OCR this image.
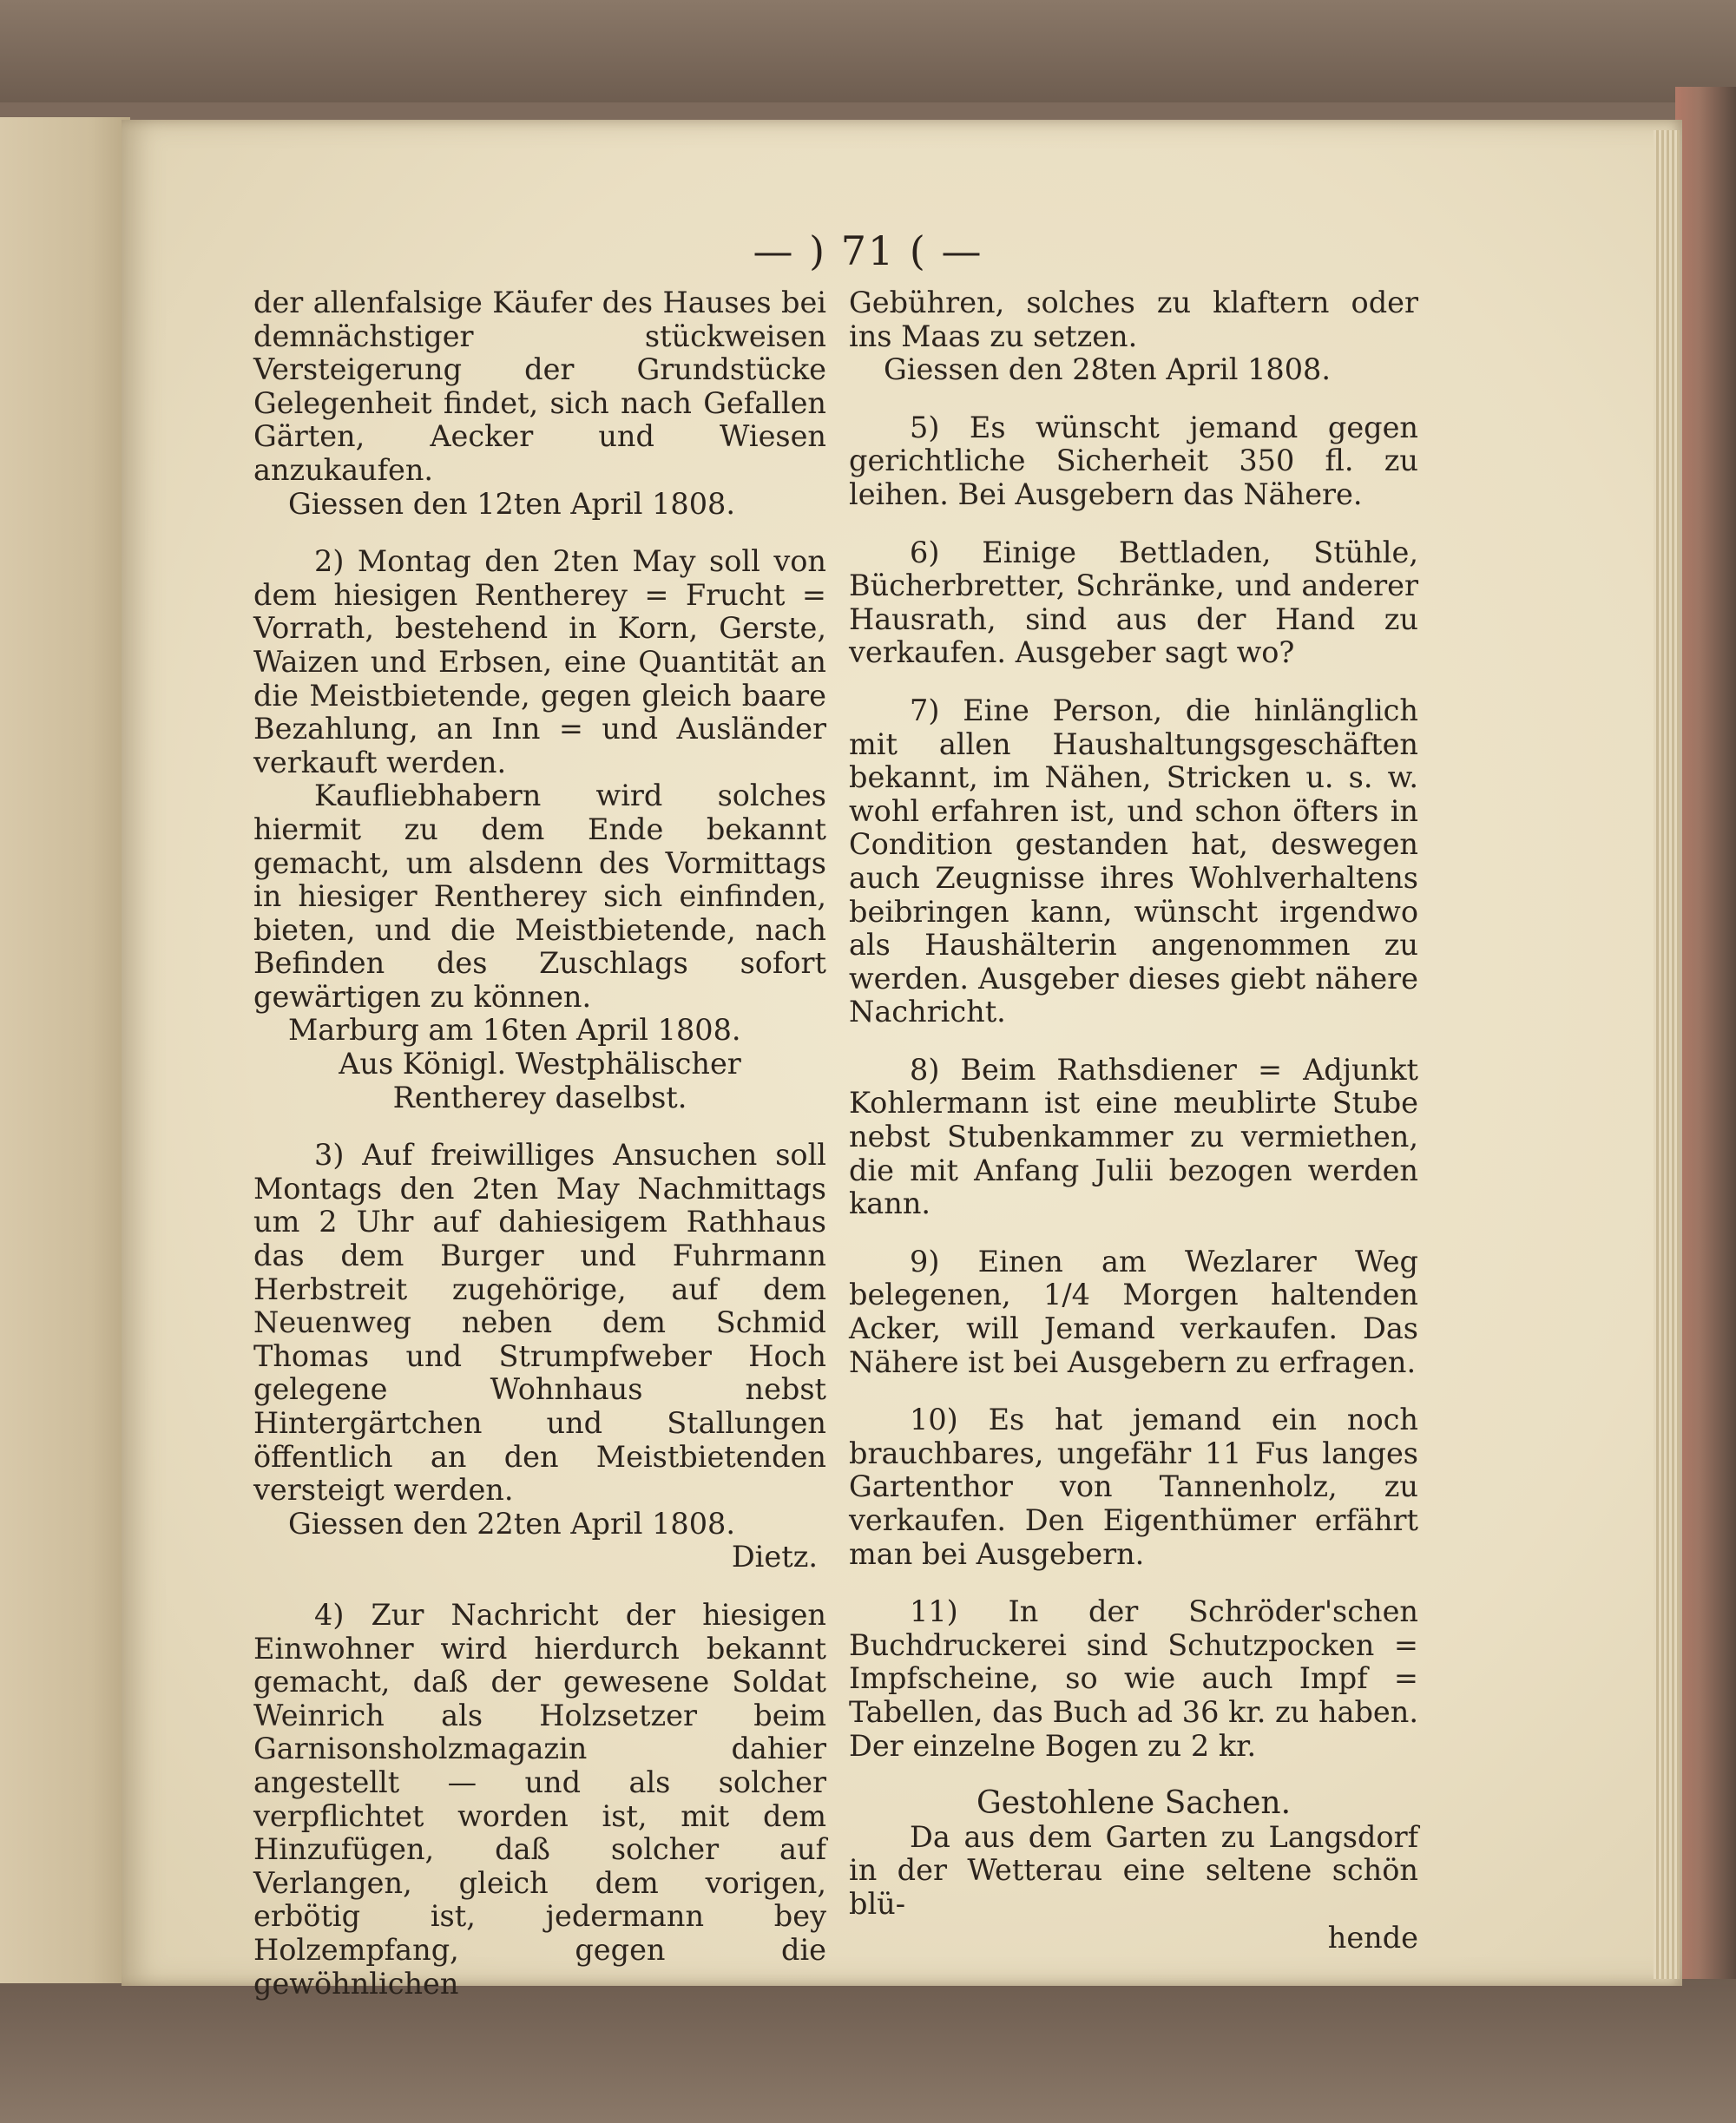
— ) 71 ( —

der allenfalsige Käufer des Hauses bei demnächstiger stückweisen Versteigerung der Grundstücke Gelegenheit findet, sich nach Gefallen Gärten, Aecker und Wiesen anzukaufen.

Giessen den 12ten April 1808.

2) Montag den 2ten May soll von dem hiesigen Rentherey = Frucht = Vorrath, bestehend in Korn, Gerste, Waizen und Erbsen, eine Quantität an die Meistbietende, gegen gleich baare Bezahlung, an Inn = und Ausländer verkauft werden.

Kaufliebhabern wird solches hiermit zu dem Ende bekannt gemacht, um alsdenn des Vormittags in hiesiger Rentherey sich einfinden, bieten, und die Meistbietende, nach Befinden des Zuschlags sofort gewärtigen zu können.

Marburg am 16ten April 1808.

Aus Königl. Westphälischer

Rentherey daselbst.

3) Auf freiwilliges Ansuchen soll Montags den 2ten May Nachmittags um 2 Uhr auf dahiesigem Rathhaus das dem Burger und Fuhrmann Herbstreit zugehörige, auf dem Neuenweg neben dem Schmid Thomas und Strumpfweber Hoch gelegene Wohnhaus nebst Hintergärtchen und Stallungen öffentlich an den Meistbietenden versteigt werden.

Giessen den 22ten April 1808.

Dietz.

4) Zur Nachricht der hiesigen Einwohner wird hierdurch bekannt gemacht, daß der gewesene Soldat Weinrich als Holzsetzer beim Garnisonsholzmagazin dahier angestellt — und als solcher verpflichtet worden ist, mit dem Hinzufügen, daß solcher auf Verlangen, gleich dem vorigen, erbötig ist, jedermann bey Holzempfang, gegen die gewöhnlichen

Gebühren, solches zu klaftern oder ins Maas zu setzen.

Giessen den 28ten April 1808.

5) Es wünscht jemand gegen gerichtliche Sicherheit 350 fl. zu leihen. Bei Ausgebern das Nähere.

6) Einige Bettladen, Stühle, Bücherbretter, Schränke, und anderer Hausrath, sind aus der Hand zu verkaufen. Ausgeber sagt wo?

7) Eine Person, die hinlänglich mit allen Haushaltungsgeschäften bekannt, im Nähen, Stricken u. s. w. wohl erfahren ist, und schon öfters in Condition gestanden hat, deswegen auch Zeugnisse ihres Wohlverhaltens beibringen kann, wünscht irgendwo als Haushälterin angenommen zu werden. Ausgeber dieses giebt nähere Nachricht.

8) Beim Rathsdiener = Adjunkt Kohlermann ist eine meublirte Stube nebst Stubenkammer zu vermiethen, die mit Anfang Julii bezogen werden kann.

9) Einen am Wezlarer Weg belegenen, 1/4 Morgen haltenden Acker, will Jemand verkaufen. Das Nähere ist bei Ausgebern zu erfragen.

10) Es hat jemand ein noch brauchbares, ungefähr 11 Fus langes Gartenthor von Tannenholz, zu verkaufen. Den Eigenthümer erfährt man bei Ausgebern.

11) In der Schröder'schen Buchdruckerei sind Schutzpocken = Impfscheine, so wie auch Impf = Tabellen, das Buch ad 36 kr. zu haben. Der einzelne Bogen zu 2 kr.

Gestohlene Sachen.

Da aus dem Garten zu Langsdorf in der Wetterau eine seltene schön blü-

hende
